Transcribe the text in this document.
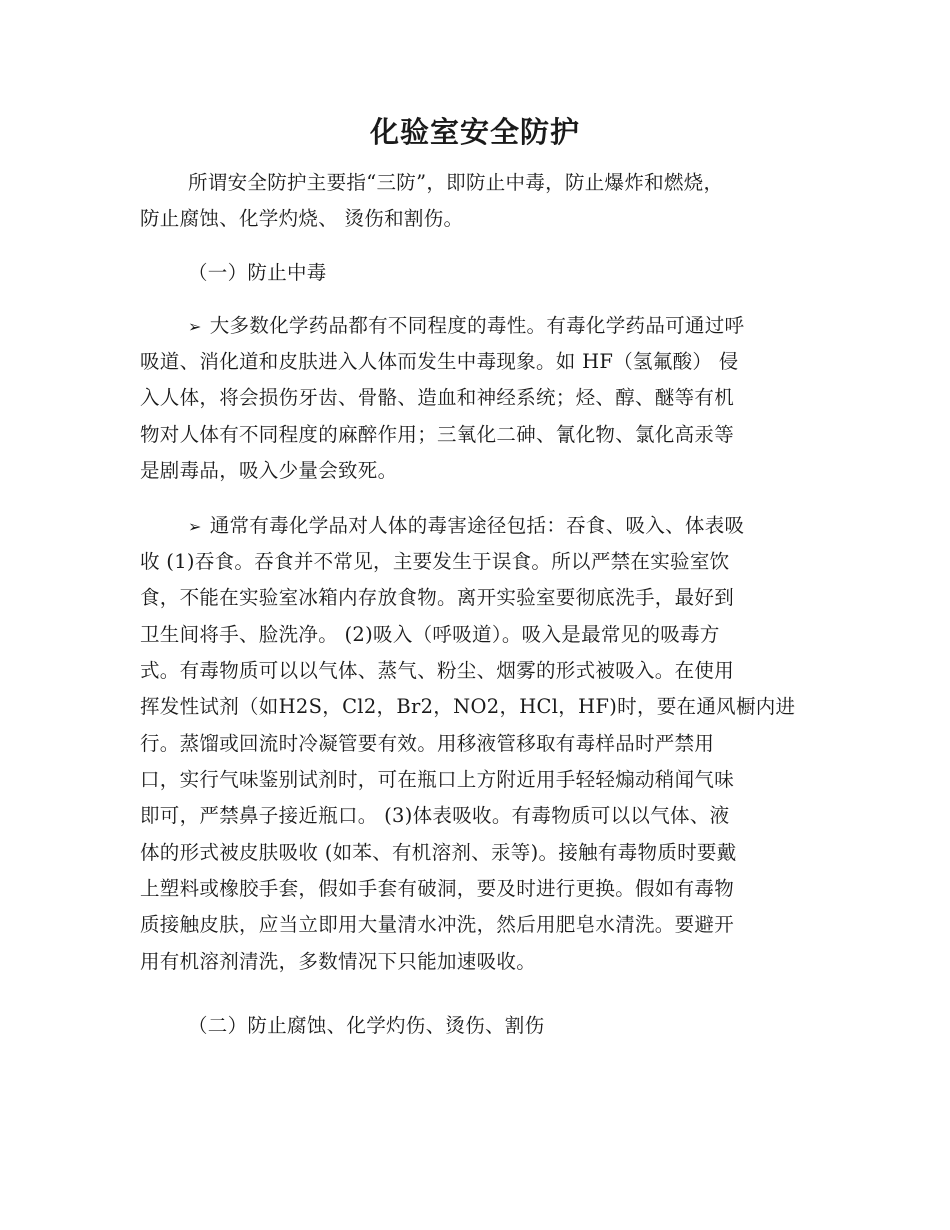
化验室安全防护
所谓安全防护主要指“三防”，即防止中毒，防止爆炸和燃烧，
防止腐蚀、化学灼烧、 烫伤和割伤。
（一）防止中毒
➢ 大多数化学药品都有不同程度的毒性。有毒化学药品可通过呼
吸道、消化道和皮肤进入人体而发生中毒现象。如 HF（氢氟酸） 侵
入人体，将会损伤牙齿、骨骼、造血和神经系统；烃、醇、醚等有机
物对人体有不同程度的麻醉作用；三氧化二砷、氰化物、氯化高汞等
是剧毒品，吸入少量会致死。
➢ 通常有毒化学品对人体的毒害途径包括：吞食、吸入、体表吸
收 (1)吞食。吞食并不常见，主要发生于误食。所以严禁在实验室饮
食，不能在实验室冰箱内存放食物。离开实验室要彻底洗手，最好到
卫生间将手、脸洗净。 (2)吸入（呼吸道）。吸入是最常见的吸毒方
式。有毒物质可以以气体、蒸气、粉尘、烟雾的形式被吸入。在使用
挥发性试剂（如H2S，Cl2，Br2，NO2，HCl，HF)时，要在通风橱内进
行。蒸馏或回流时冷凝管要有效。用移液管移取有毒样品时严禁用
口，实行气味鉴别试剂时，可在瓶口上方附近用手轻轻煽动稍闻气味
即可，严禁鼻子接近瓶口。 (3)体表吸收。有毒物质可以以气体、液
体的形式被皮肤吸收 (如苯、有机溶剂、汞等)。接触有毒物质时要戴
上塑料或橡胶手套，假如手套有破洞，要及时进行更换。假如有毒物
质接触皮肤，应当立即用大量清水冲洗，然后用肥皂水清洗。要避开
用有机溶剂清洗，多数情况下只能加速吸收。
（二）防止腐蚀、化学灼伤、烫伤、割伤
